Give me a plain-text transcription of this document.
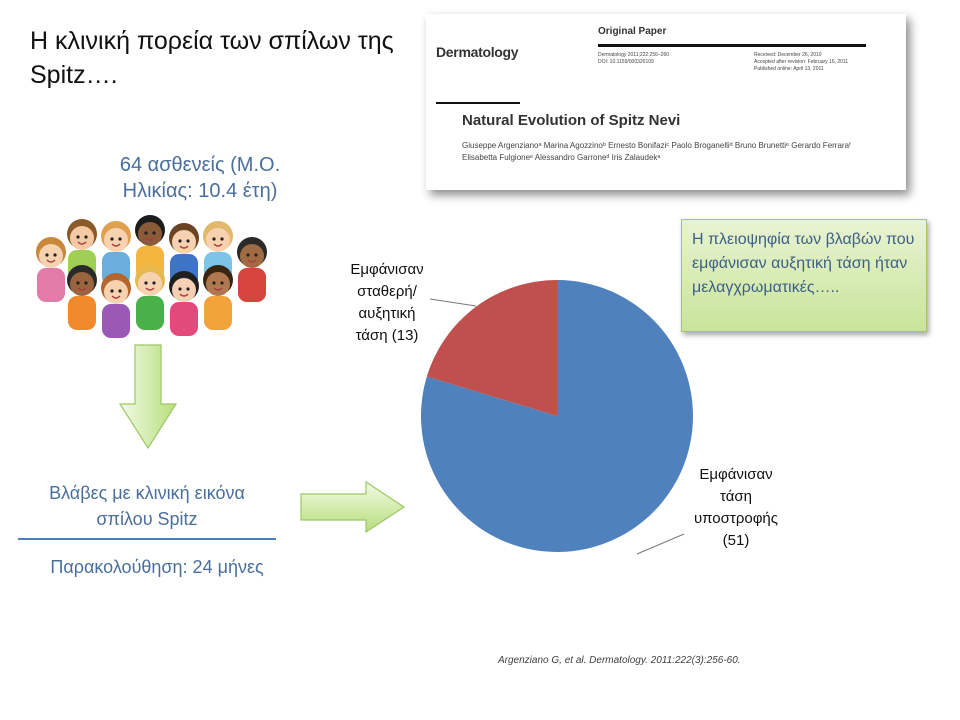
Η κλινική πορεία των σπίλων της Spitz….
Original Paper
Dermatology	Dermatology 2011;222:256–260
DOI: 10.1159/000326109
Received: December 26, 2010
Accepted after revision: February 16, 2011
Published online: April 13, 2011
Natural Evolution of Spitz Nevi
Giuseppe Argenzianoᵃ Marina Agozzinoᵇ Ernesto Bonifaziᶜ Paolo Broganelliᵈ Bruno Brunettiᵉ Gerardo Ferraraᶠ Elisabetta Fulgioneᵉ Alessandro Garroneᵈ Iris Zalaudekᵃ
64 ασθενείς (Μ.Ο. Ηλικίας: 10.4 έτη)
Βλάβες με κλινική εικόνα σπίλου Spitz
Παρακολούθηση: 24 μήνες
Εμφάνισαν τάση υποστροφής (51)
Εμφάνισαν σταθερή/ αυξητική τάση (13)
Η πλειοψηφία των βλαβών που εμφάνισαν αυξητική τάση ήταν μελαγχρωματικές…..
Argenziano G, et al. Dermatology. 2011:222(3):256-60.
